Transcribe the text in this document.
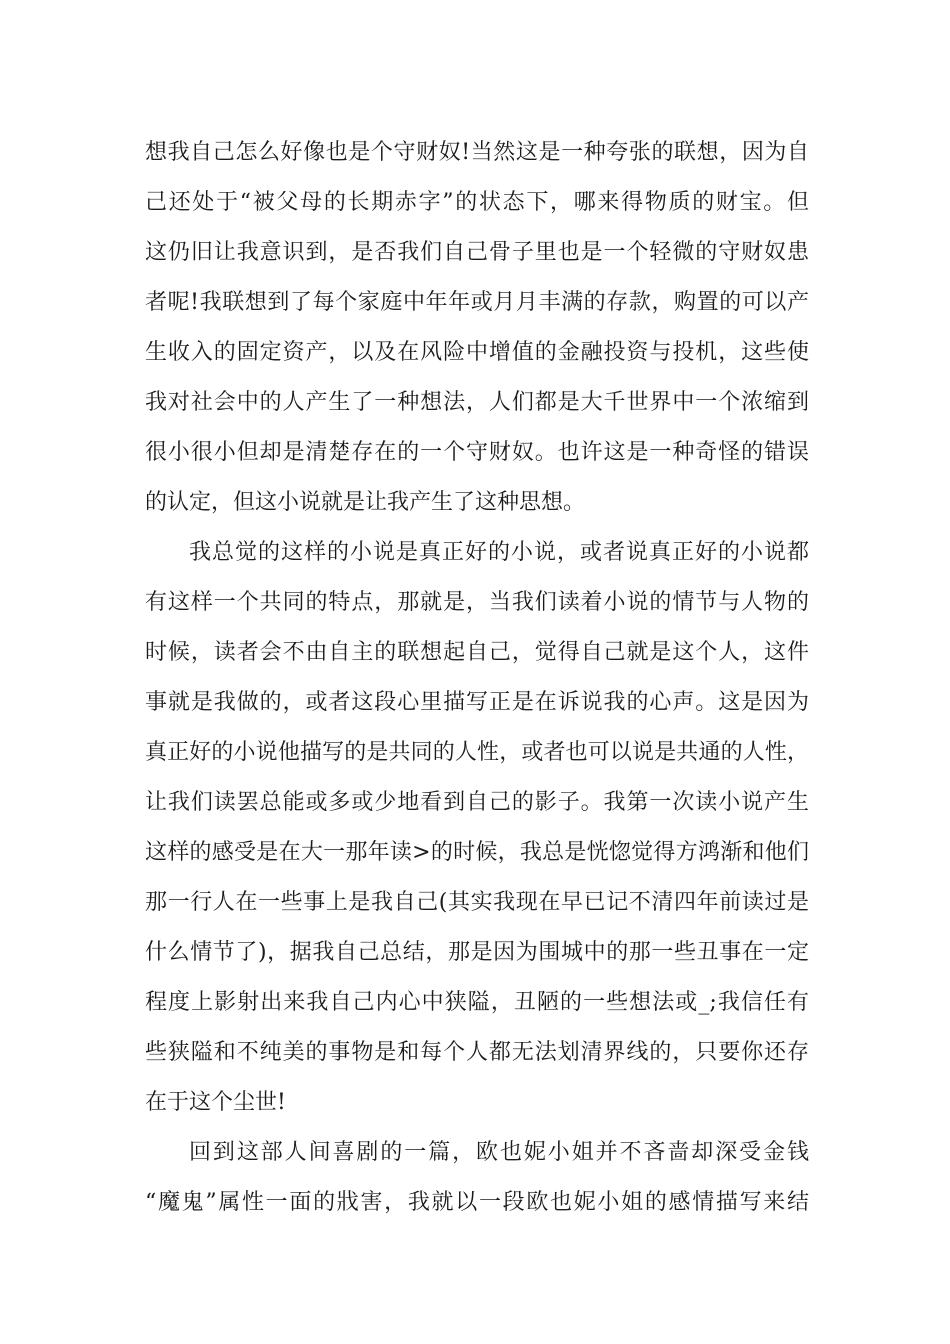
想我自己怎么好像也是个守财奴!当然这是一种夸张的联想，因为自
己还处于“被父母的长期赤字”的状态下，哪来得物质的财宝。但
这仍旧让我意识到，是否我们自己骨子里也是一个轻微的守财奴患
者呢!我联想到了每个家庭中年年或月月丰满的存款，购置的可以产
生收入的固定资产，以及在风险中增值的金融投资与投机，这些使
我对社会中的人产生了一种想法，人们都是大千世界中一个浓缩到
很小很小但却是清楚存在的一个守财奴。也许这是一种奇怪的错误
的认定，但这小说就是让我产生了这种思想。
我总觉的这样的小说是真正好的小说，或者说真正好的小说都
有这样一个共同的特点，那就是，当我们读着小说的情节与人物的
时候，读者会不由自主的联想起自己，觉得自己就是这个人，这件
事就是我做的，或者这段心里描写正是在诉说我的心声。这是因为
真正好的小说他描写的是共同的人性，或者也可以说是共通的人性，
让我们读罢总能或多或少地看到自己的影子。我第一次读小说产生
这样的感受是在大一那年读>的时候，我总是恍惚觉得方鸿渐和他们
那一行人在一些事上是我自己(其实我现在早已记不清四年前读过是
什么情节了)，据我自己总结，那是因为围城中的那一些丑事在一定
程度上影射出来我自己内心中狭隘，丑陋的一些想法或_;我信任有
些狭隘和不纯美的事物是和每个人都无法划清界线的，只要你还存
在于这个尘世!
回到这部人间喜剧的一篇，欧也妮小姐并不吝啬却深受金钱
“魔鬼”属性一面的戕害，我就以一段欧也妮小姐的感情描写来结
